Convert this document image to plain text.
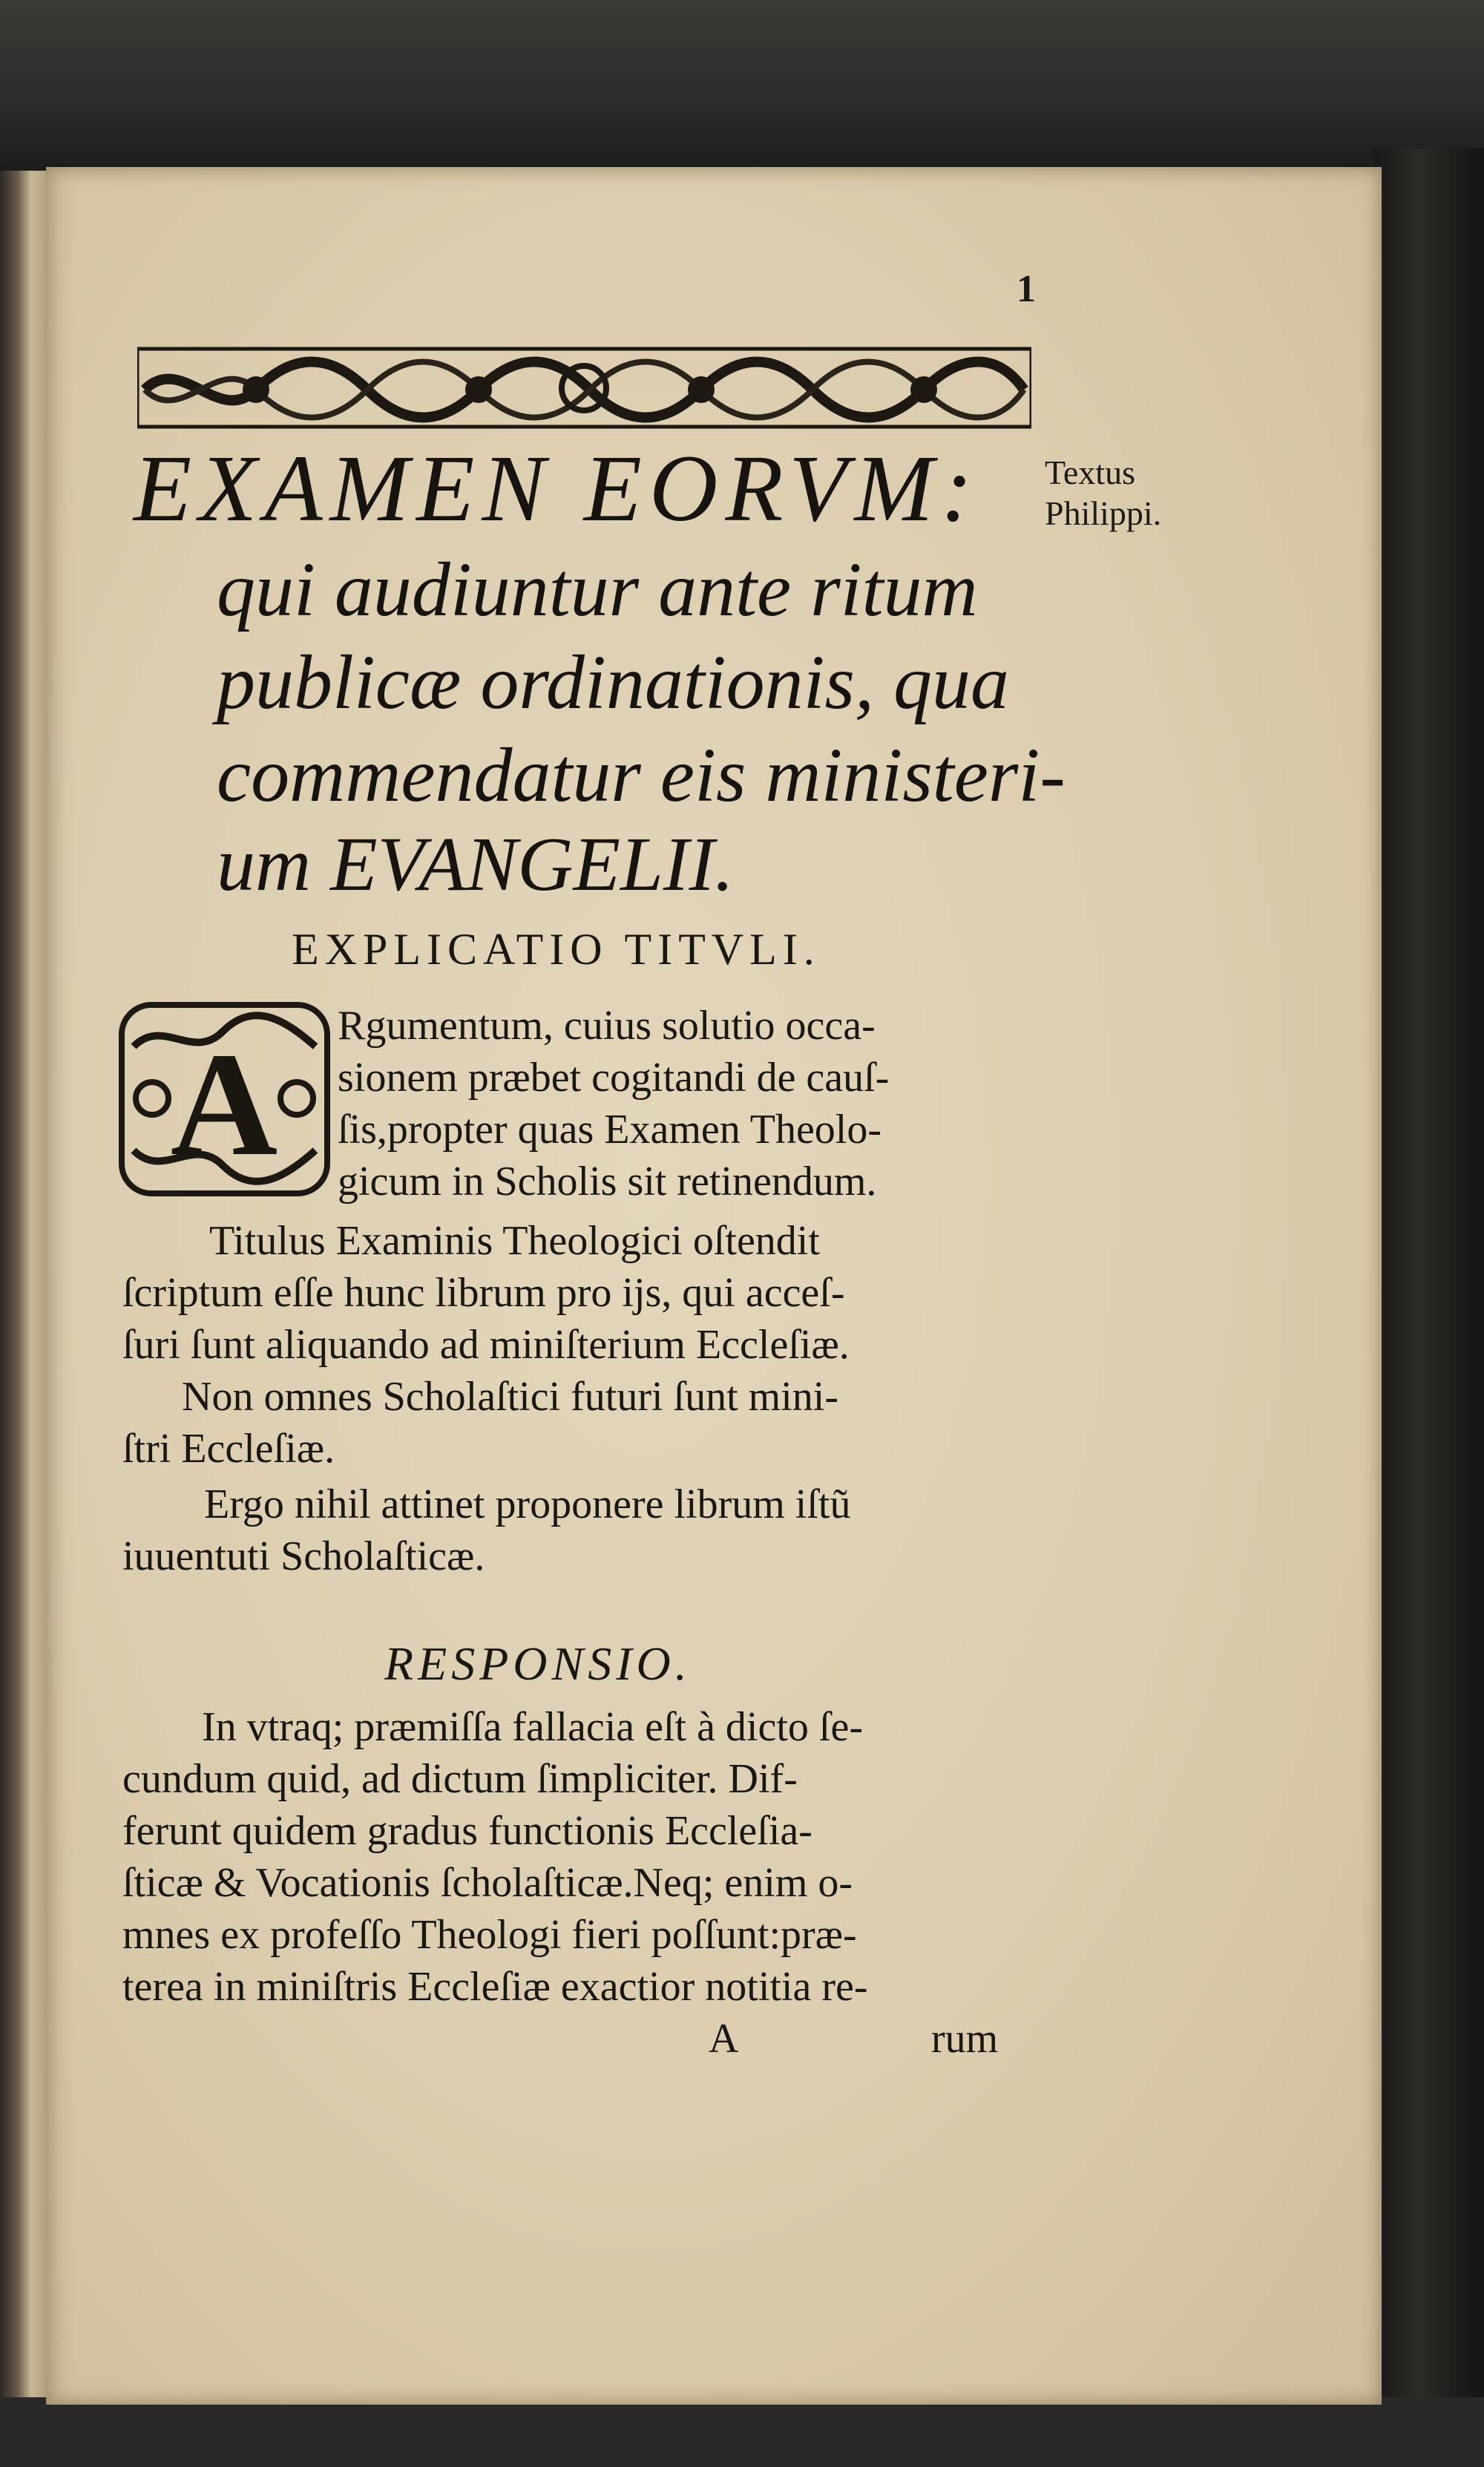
1
EXAMEN EORVM:
qui audiuntur ante ritum
publicæ ordinationis, qua
commendatur eis ministeri-
um EVANGELII.
Textus
Philippi.
EXPLICATIO TITVLI.
A Rgumentum, cuius solutio occa-
sionem præbet cogitandi de cauſ-
ſis,propter quas Examen Theolo-
gicum in Scholis sit retinendum.
Titulus Examinis Theologici oſtendit
ſcriptum eſſe hunc librum pro ijs, qui acceſ-
ſuri ſunt aliquando ad miniſterium Eccleſiæ.
Non omnes Scholaſtici futuri ſunt mini-
ſtri Eccleſiæ.
Ergo nihil attinet proponere librum iſtũ
iuuentuti Scholaſticæ.
RESPONSIO.
In vtraq; præmiſſa fallacia eſt à dicto ſe-
cundum quid, ad dictum ſimpliciter. Dif-
ferunt quidem gradus functionis Eccleſia-
ſticæ & Vocationis ſcholaſticæ.Neq; enim o-
mnes ex profeſſo Theologi fieri poſſunt:præ-
terea in miniſtris Eccleſiæ exactior notitia re-
A	rum
